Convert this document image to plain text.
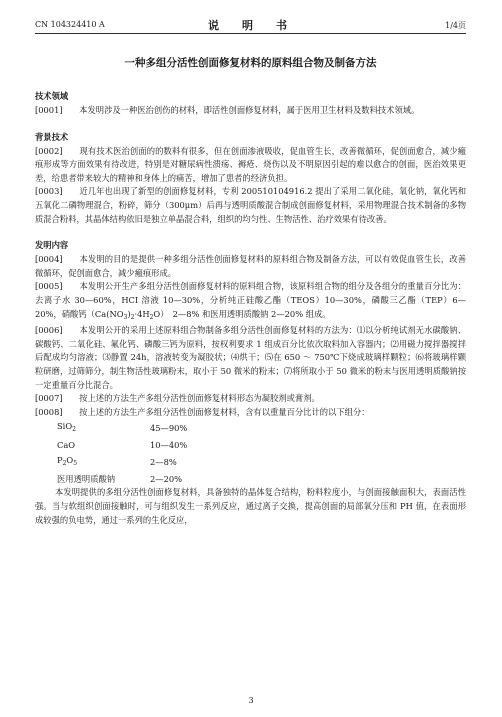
CN 104324410 A	说　明　书	1/4页
一种多组分活性创面修复材料的原料组合物及制备方法

技术领域

[0001]　　本发明涉及一种医治创伤的材料，即活性创面修复材料，属于医用卫生材料及数料技术领域。

背景技术

[0002]　　现有技术医治创面的的数料有很多，但在创面渗液吸收，促血管生长，改善微循环，促创面愈合，减少瘢痕形成等方面效果有待改进，特别是对糖尿病性溃疡、褥疮、烧伤以及不明原因引起的难以愈合的创面，医治效果更差，给患者带来较大的精神和身体上的痛苦，增加了患者的经济负担。

[0003]　　近几年也出现了新型的创面修复材料，专利 200510104916.2 提出了采用二氧化硅，氧化钠，氧化钙和五氧化二磷物理混合，粉碎，筛分（300μm）后再与透明质酸混合制成创面修复材料，采用物理混合技术制备的多物质混合粉料，其晶体结构依旧是独立单晶混合料，组织的均匀性、生物活性、治疗效果有待改善。

发明内容

[0004]　　本发明的目的是提供一种多组分活性创面修复材料的原料组合物及制备方法，可以有效促血管生长，改善微循环，促创面愈合，减少瘢痕形成。

[0005]　　本发明公开生产多组分活性创面修复材料的原料组合物，该原料组合物的组分及各组分的重量百分比为：去离子水 30—60%，HCI 溶液 10—30%，分析纯正硅酸乙酯（TEOS）10—30%，磷酸三乙酯（TEP）6—20%，硝酸钙$(Ca(NO_3)_2\cdot 4H_2O)$　2—8% 和医用透明质酸钠 2—20% 组成。

[0006]　　本发明公开的采用上述原料组合物制备多组分活性创面修复材料的方法为：⑴以分析纯试剂无水碳酸钠、碳酸钙、二氧化硅、氟化钙、磷酸三钙为原料，按权利要求 1 组成百分比依次取料加入容器内；⑵用磁力搅拌器搅拌后配成均匀溶液；⑶静置 24h，溶液转变为凝胶状；⑷烘干；⑸在 650 ～ 750℃下烧成玻璃样颗粒；⑹将玻璃样颗粒研磨，过筛筛分，制生物活性玻璃粉末，取小于 50 微米的粉末；⑺将所取小于 50 微米的粉末与医用透明质酸钠按一定重量百分比混合。

[0007]　　按上述的方法生产多组分活性创面修复材料形态为凝胶剂或膏剂。

[0008]　　按上述的方法生产多组分活性创面修复材料，含有以重量百分比计的以下组分：

SiO$_2$	45—90%
CaO	10—40%
$P_2O_5$	2—8%
医用透明质酸钠	2—20%

本发明提供的多组分活性创面修复材料，具备独特的晶体复合结构，粉料粒度小，与创面接触面积大，表面活性强。当与软组织创面接触时，可与组织发生一系列反应，通过离子交换，提高创面的局部氧分压和 PH 值，在表面形成较强的负电势，通过一系列的生化反应，

3
